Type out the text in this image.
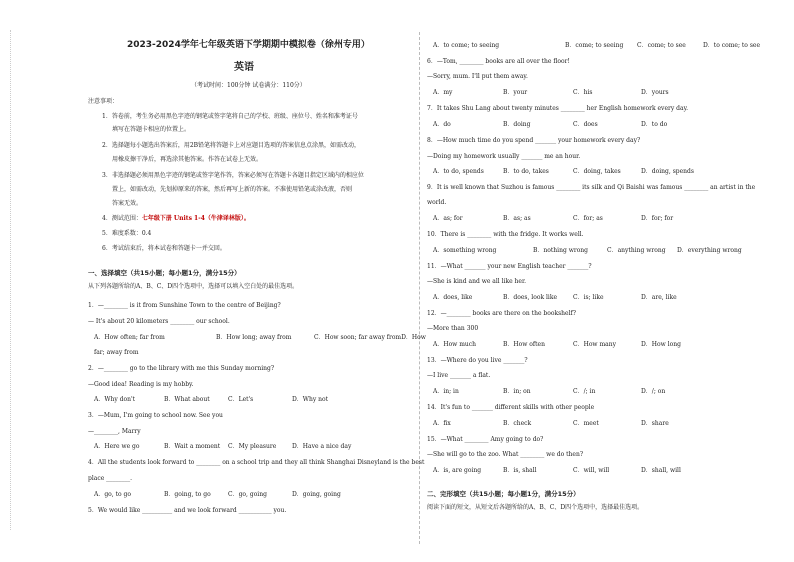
2023-2024学年七年级英语下学期期中模拟卷（徐州专用）
英语
（考试时间：100分钟 试卷满分：110分）
注意事项：
1．答卷前，考生务必用黑色字迹的钢笔或签字笔将自己的学校、班级、座位号、姓名和准考证号
填写在答题卡相应的位置上。
2．选择题每小题选出答案后，用2B铅笔将答题卡上对应题目选项的答案信息点涂黑，如需改动，
用橡皮擦干净后，再选涂其他答案。作答在试卷上无效。
3．非选择题必须用黑色字迹的钢笔或签字笔作答，答案必须写在答题卡各题目指定区域内的相应位
置上，如需改动，先划掉原来的答案，然后再写上新的答案。不准使用铅笔或涂改液，否则
答案无效。
4．测试范围：七年级下册 Units 1-4（牛津译林版）。
5．难度系数：0.4
6．考试结束后，将本试卷和答题卡一并交回。
一、选择填空（共15小题；每小题1分，满分15分）
从下列各题所给的A、B、C、D四个选项中，选择可以填入空白处的最佳选项。
1．—________ is it from Sunshine Town to the centre of Beijing?
— It's about 20 kilometers ________ our school.
A．How often; far from	B．How long; away from	C．How soon; far away fromD．How
far; away from
2．—________ go to the library with me this Sunday morning?
—Good idea! Reading is my hobby.
A．Why don't	B．What about	C．Let's	D．Why not
3．—Mum, I'm going to school now. See you
—________, Marry
A．Here we go	B．Wait a moment C．My pleasure	D．Have a nice day
4．All the students look forward to ________ on a school trip and they all think Shanghai Disneyland is the best
place ________.
A．go, to go	B．going, to go	C．go, going	D．going, going
5．We would like __________ and we look forward ___________ you.
A．to come; to seeing	B．come; to seeing C．come; to see	D．to come; to see
6．—Tom, ________ books are all over the floor!
—Sorry, mum. I'll put them away.
A．my	B．your	C．his	D．yours
7．It takes Shu Lang about twenty minutes ________ her English homework every day.
A．do	B．doing	C．does	D．to do
8．—How much time do you spend _______ your homework every day?
—Doing my homework usually _______ me an hour.
A．to do, spends	B．to do, takes	C．doing, takes	D．doing, spends
9．It is well known that Suzhou is famous ________ its silk and Qi Baishi was famous ________ an artist in the
world.
A．as; for	B．as; as	C．for; as	D．for; for
10．There is ________ with the fridge. It works well.
A．something wrong	B．nothing wrong	C．anything wrong D．everything wrong
11．—What _______ your new English teacher _______?
—She is kind and we all like her.
A．does, like	B．does, look like	C．is; like	D．are, like
12．—________ books are there on the bookshelf?
—More than 300
A．How much	B．How often	C．How many	D．How long
13．—Where do you live _______?
—I live _______ a flat.
A．in; in	B．in; on	C．/; in	D．/; on
14．It's fun to _______ different skills with other people
A．fix	B．check	C．meet	D．share
15．—What ________ Amy going to do?
—She will go to the zoo. What ________ we do then?
A．is, are going	B．is, shall	C．will, will	D．shall, will
二、完形填空（共15小题；每小题1分，满分15分）
阅读下面的短文，从短文后各题所给的A、B、C、D四个选项中，选择最佳选项。
